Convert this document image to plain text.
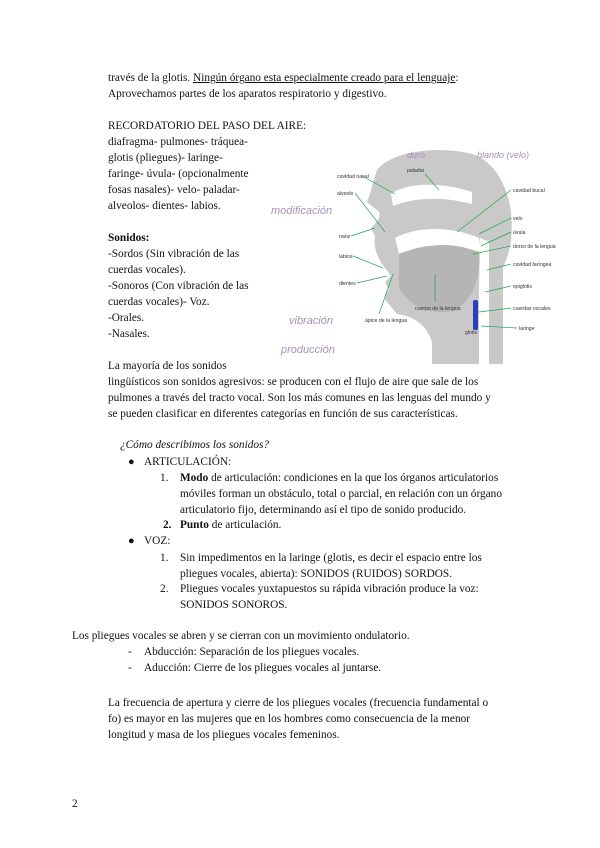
través de la glotis. Ningún órgano esta especialmente creado para el lenguaje:

Aprovechamos partes de los aparatos respiratorio y digestivo.

RECORDATORIO DEL PASO DEL AIRE:

diafragma- pulmones- tráquea-

glotis (pliegues)- laringe-

faringe- úvula- (opcionalmente

fosas nasales)- velo- paladar-

alveolos- dientes- labios.

Sonidos:

-Sordos (Sin vibración de las

cuerdas vocales).

-Sonoros (Con vibración de las

cuerdas vocales)- Voz.

-Orales.

-Nasales.

modificación
vibración
producción
duro	blando (velo)
cavidad nasal
alveolo
nariz
labios
dientes
ápice de la lengua
paladar
cuerpo de la lengua
glotis
cavidad bucal
velo
úvula
dorso de la lengua
cavidad faríngea
epiglotis
cuerdas vocales
laringe

La mayoría de los sonidos

lingüísticos son sonidos agresivos: se producen con el flujo de aire que sale de los

pulmones a través del tracto vocal. Son los más comunes en las lenguas del mundo y

se pueden clasificar en diferentes categorías en función de sus características.

¿Cómo describimos los sonidos?

● ARTICULACIÓN:

1. Modo de articulación: condiciones en la que los órganos articulatorios

móviles forman un obstáculo, total o parcial, en relación con un órgano

articulatorio fijo, determinando así el tipo de sonido producido.

2. Punto de articulación.

● VOZ:

1. Sin impedimentos en la laringe (glotis, es decir el espacio entre los

pliegues vocales, abierta): SONIDOS (RUIDOS) SORDOS.

2. Pliegues vocales yuxtapuestos su rápida vibración produce la voz:

SONIDOS SONOROS.

Los pliegues vocales se abren y se cierran con un movimiento ondulatorio.

- Abducción: Separación de los pliegues vocales.

- Aducción: Cierre de los pliegues vocales al juntarse.

La frecuencia de apertura y cierre de los pliegues vocales (frecuencia fundamental o

fo) es mayor en las mujeres que en los hombres como consecuencia de la menor

longitud y masa de los pliegues vocales femeninos.

2
